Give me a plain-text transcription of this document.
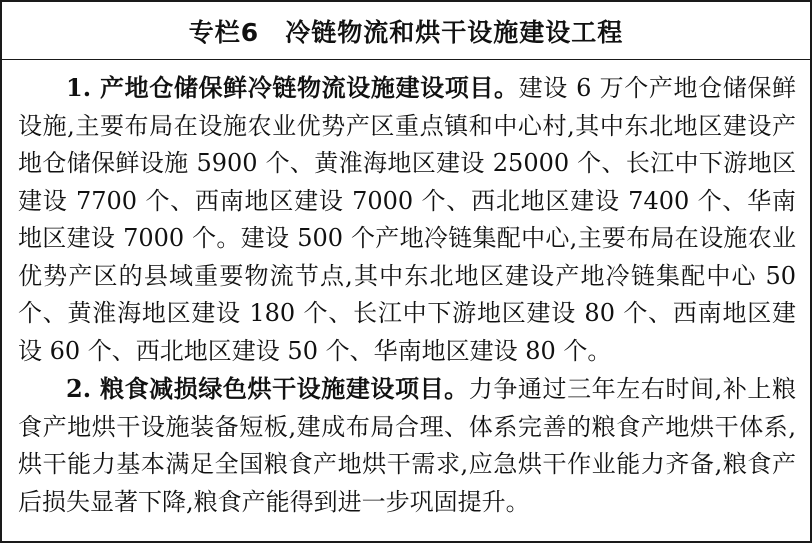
专栏6 冷链物流和烘干设施建设工程

1. 产地仓储保鲜冷链物流设施建设项目。建设 6 万个产地仓储保鲜设施,主要布局在设施农业优势产区重点镇和中心村,其中东北地区建设产地仓储保鲜设施 5900 个、黄淮海地区建设 25000 个、长江中下游地区建设 7700 个、西南地区建设 7000 个、西北地区建设 7400 个、华南地区建设 7000 个。建设 500 个产地冷链集配中心,主要布局在设施农业优势产区的县域重要物流节点,其中东北地区建设产地冷链集配中心 50 个、黄淮海地区建设 180 个、长江中下游地区建设 80 个、西南地区建设 60 个、西北地区建设 50 个、华南地区建设 80 个。

2. 粮食减损绿色烘干设施建设项目。力争通过三年左右时间,补上粮食产地烘干设施装备短板,建成布局合理、体系完善的粮食产地烘干体系,烘干能力基本满足全国粮食产地烘干需求,应急烘干作业能力齐备,粮食产后损失显著下降,粮食产能得到进一步巩固提升。
